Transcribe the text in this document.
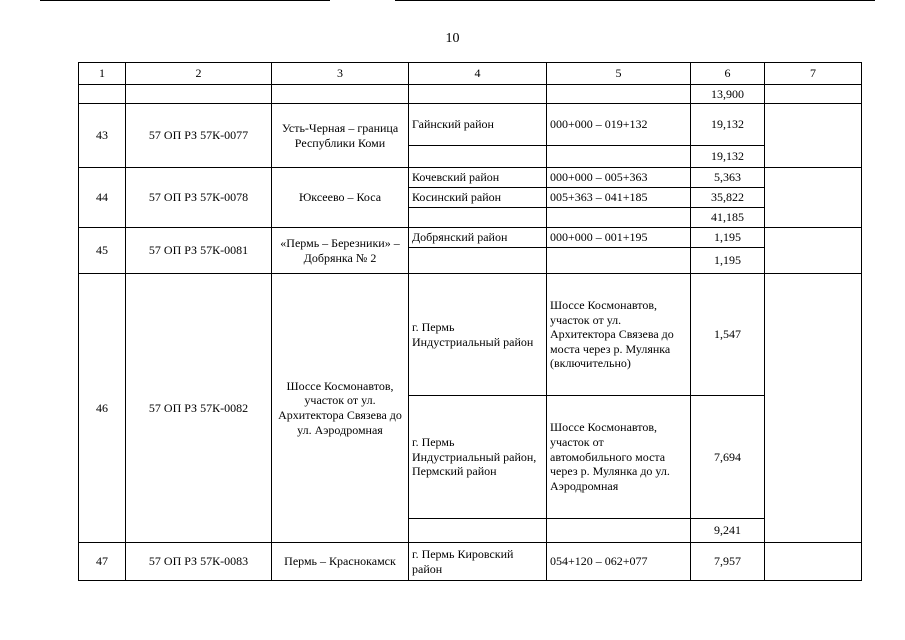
10
1	2	3	4	5	6	7
					13,900	
43	57 ОП РЗ 57К-0077	Усть-Черная – граница Республики Коми	Гайнский район	000+000 – 019+132	19,132	
					19,132	
44	57 ОП РЗ 57К-0078	Юксеево – Коса	Кочевский район	000+000 – 005+363	5,363	
			Косинский район	005+363 – 041+185	35,822	
					41,185	
45	57 ОП РЗ 57К-0081	«Пермь – Березники» – Добрянка № 2	Добрянский район	000+000 – 001+195	1,195	
					1,195	
46	57 ОП РЗ 57К-0082	Шоссе Космонавтов, участок от ул. Архитектора Связева до ул. Аэродромная	г. Пермь Индустриальный район	Шоссе Космонавтов, участок от ул. Архитектора Связева до моста через р. Мулянка (включительно)	1,547	
			г. Пермь Индустриальный район, Пермский район	Шоссе Космонавтов, участок от автомобильного моста через р. Мулянка до ул. Аэродромная	7,694	
					9,241	
47	57 ОП РЗ 57К-0083	Пермь – Краснокамск	г. Пермь Кировский район	054+120 – 062+077	7,957	
